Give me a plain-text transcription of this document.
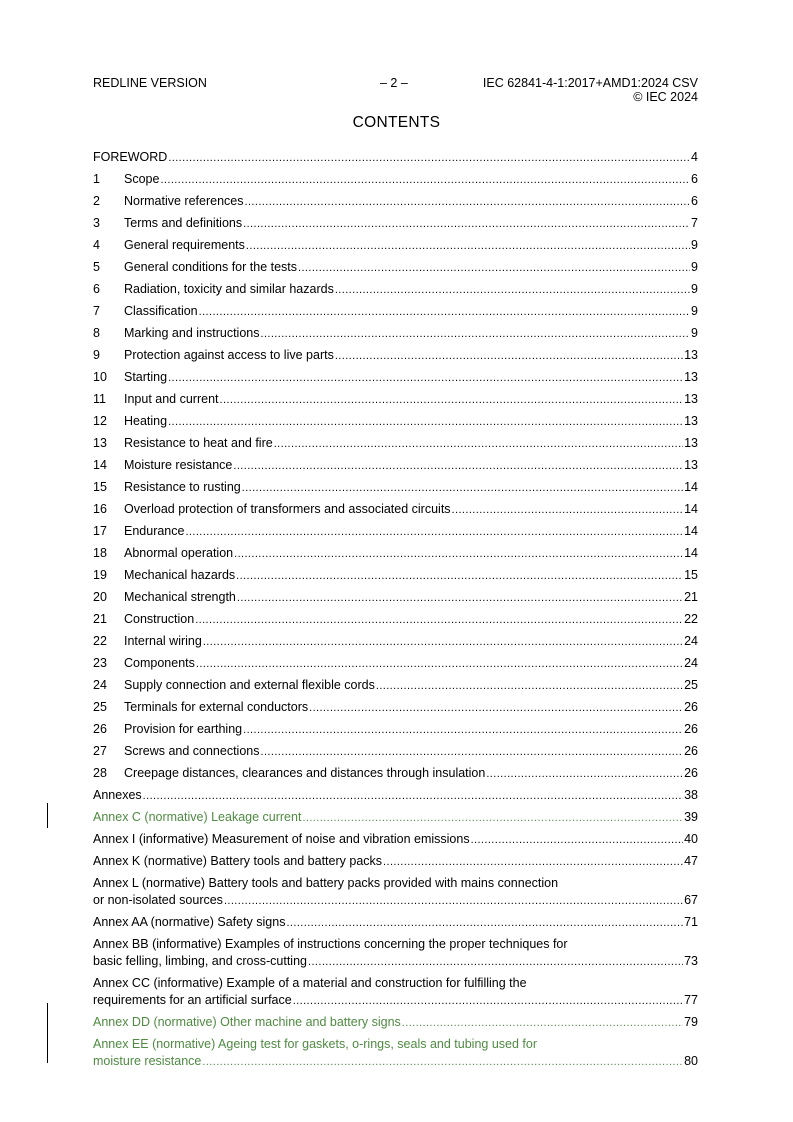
REDLINE VERSION	– 2 –	IEC 62841-4-1:2017+AMD1:2024 CSV
© IEC 2024
CONTENTS
FOREWORD .....	4
1	Scope .....	6
2	Normative references .....	6
3	Terms and definitions .....	7
4	General requirements .....	9
5	General conditions for the tests .....	9
6	Radiation, toxicity and similar hazards .....	9
7	Classification .....	9
8	Marking and instructions .....	9
9	Protection against access to live parts .....	13
10	Starting .....	13
11	Input and current .....	13
12	Heating .....	13
13	Resistance to heat and fire .....	13
14	Moisture resistance .....	13
15	Resistance to rusting .....	14
16	Overload protection of transformers and associated circuits .....	14
17	Endurance .....	14
18	Abnormal operation .....	14
19	Mechanical hazards .....	15
20	Mechanical strength .....	21
21	Construction .....	22
22	Internal wiring .....	24
23	Components .....	24
24	Supply connection and external flexible cords .....	25
25	Terminals for external conductors .....	26
26	Provision for earthing .....	26
27	Screws and connections .....	26
28	Creepage distances, clearances and distances through insulation .....	26
Annexes .....	38
Annex C (normative) Leakage current .....	39
Annex I (informative) Measurement of noise and vibration emissions .....	40
Annex K (normative) Battery tools and battery packs .....	47
Annex L (normative) Battery tools and battery packs provided with mains connection
or non-isolated sources .....	67
Annex AA (normative) Safety signs .....	71
Annex BB (informative) Examples of instructions concerning the proper techniques for
basic felling, limbing, and cross-cutting .....	73
Annex CC (informative) Example of a material and construction for fulfilling the
requirements for an artificial surface .....	77
Annex DD (normative) Other machine and battery signs .....	79
Annex EE (normative) Ageing test for gaskets, o-rings, seals and tubing used for
moisture resistance .....	80
